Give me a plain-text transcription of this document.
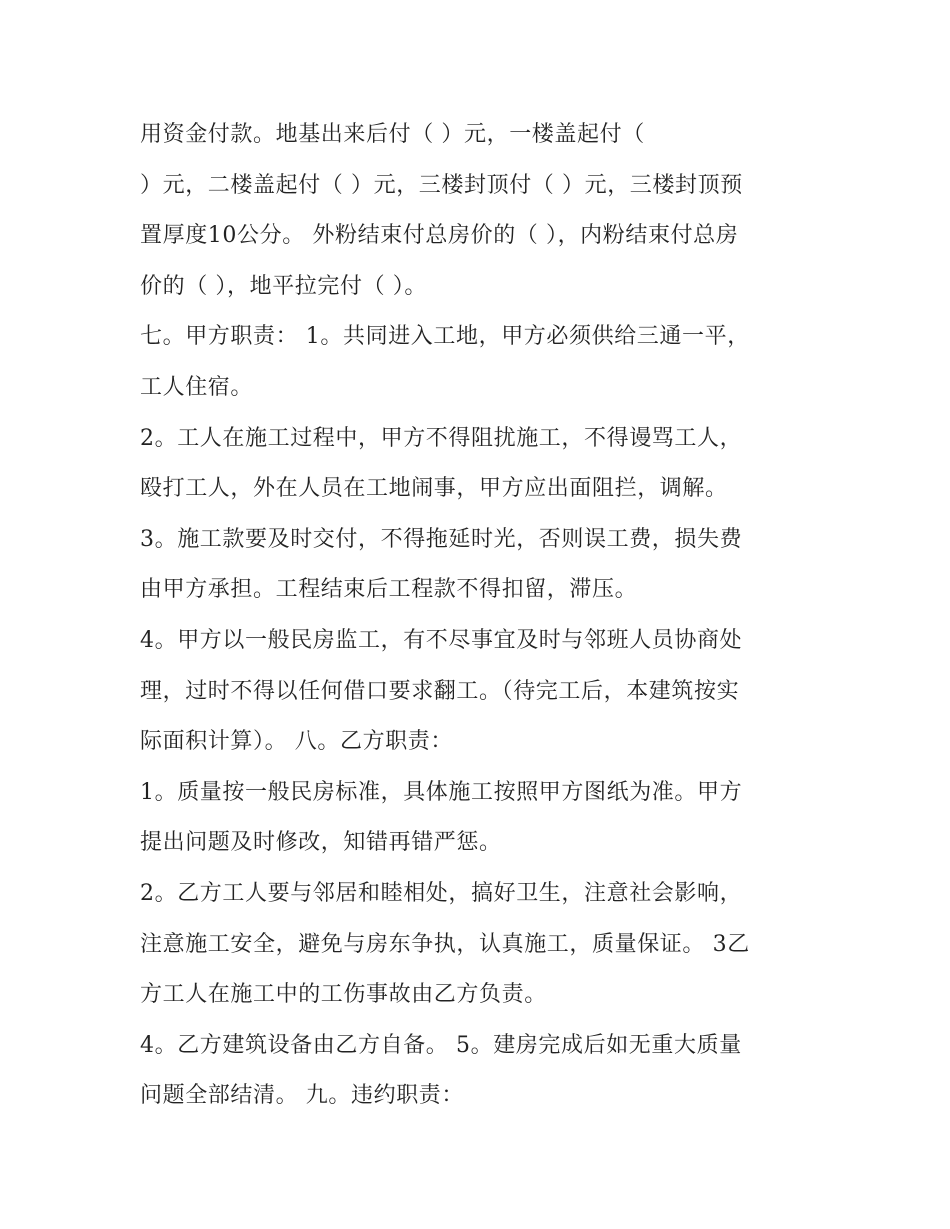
用资金付款。地基出来后付（ ）元，一楼盖起付（
）元，二楼盖起付（ ）元，三楼封顶付（ ）元，三楼封顶预
置厚度10公分。 外粉结束付总房价的（ ），内粉结束付总房
价的（ ），地平拉完付（ ）。
七。甲方职责： 1。共同进入工地，甲方必须供给三通一平，
工人住宿。
2。工人在施工过程中，甲方不得阻扰施工，不得谩骂工人，
殴打工人，外在人员在工地闹事，甲方应出面阻拦，调解。
3。施工款要及时交付，不得拖延时光，否则误工费，损失费
由甲方承担。工程结束后工程款不得扣留，滞压。
4。甲方以一般民房监工，有不尽事宜及时与邻班人员协商处
理，过时不得以任何借口要求翻工。（待完工后，本建筑按实
际面积计算）。 八。乙方职责：
1。质量按一般民房标准，具体施工按照甲方图纸为准。甲方
提出问题及时修改，知错再错严惩。
2。乙方工人要与邻居和睦相处，搞好卫生，注意社会影响，
注意施工安全，避免与房东争执，认真施工，质量保证。 3乙
方工人在施工中的工伤事故由乙方负责。
4。乙方建筑设备由乙方自备。 5。建房完成后如无重大质量
问题全部结清。 九。违约职责：
